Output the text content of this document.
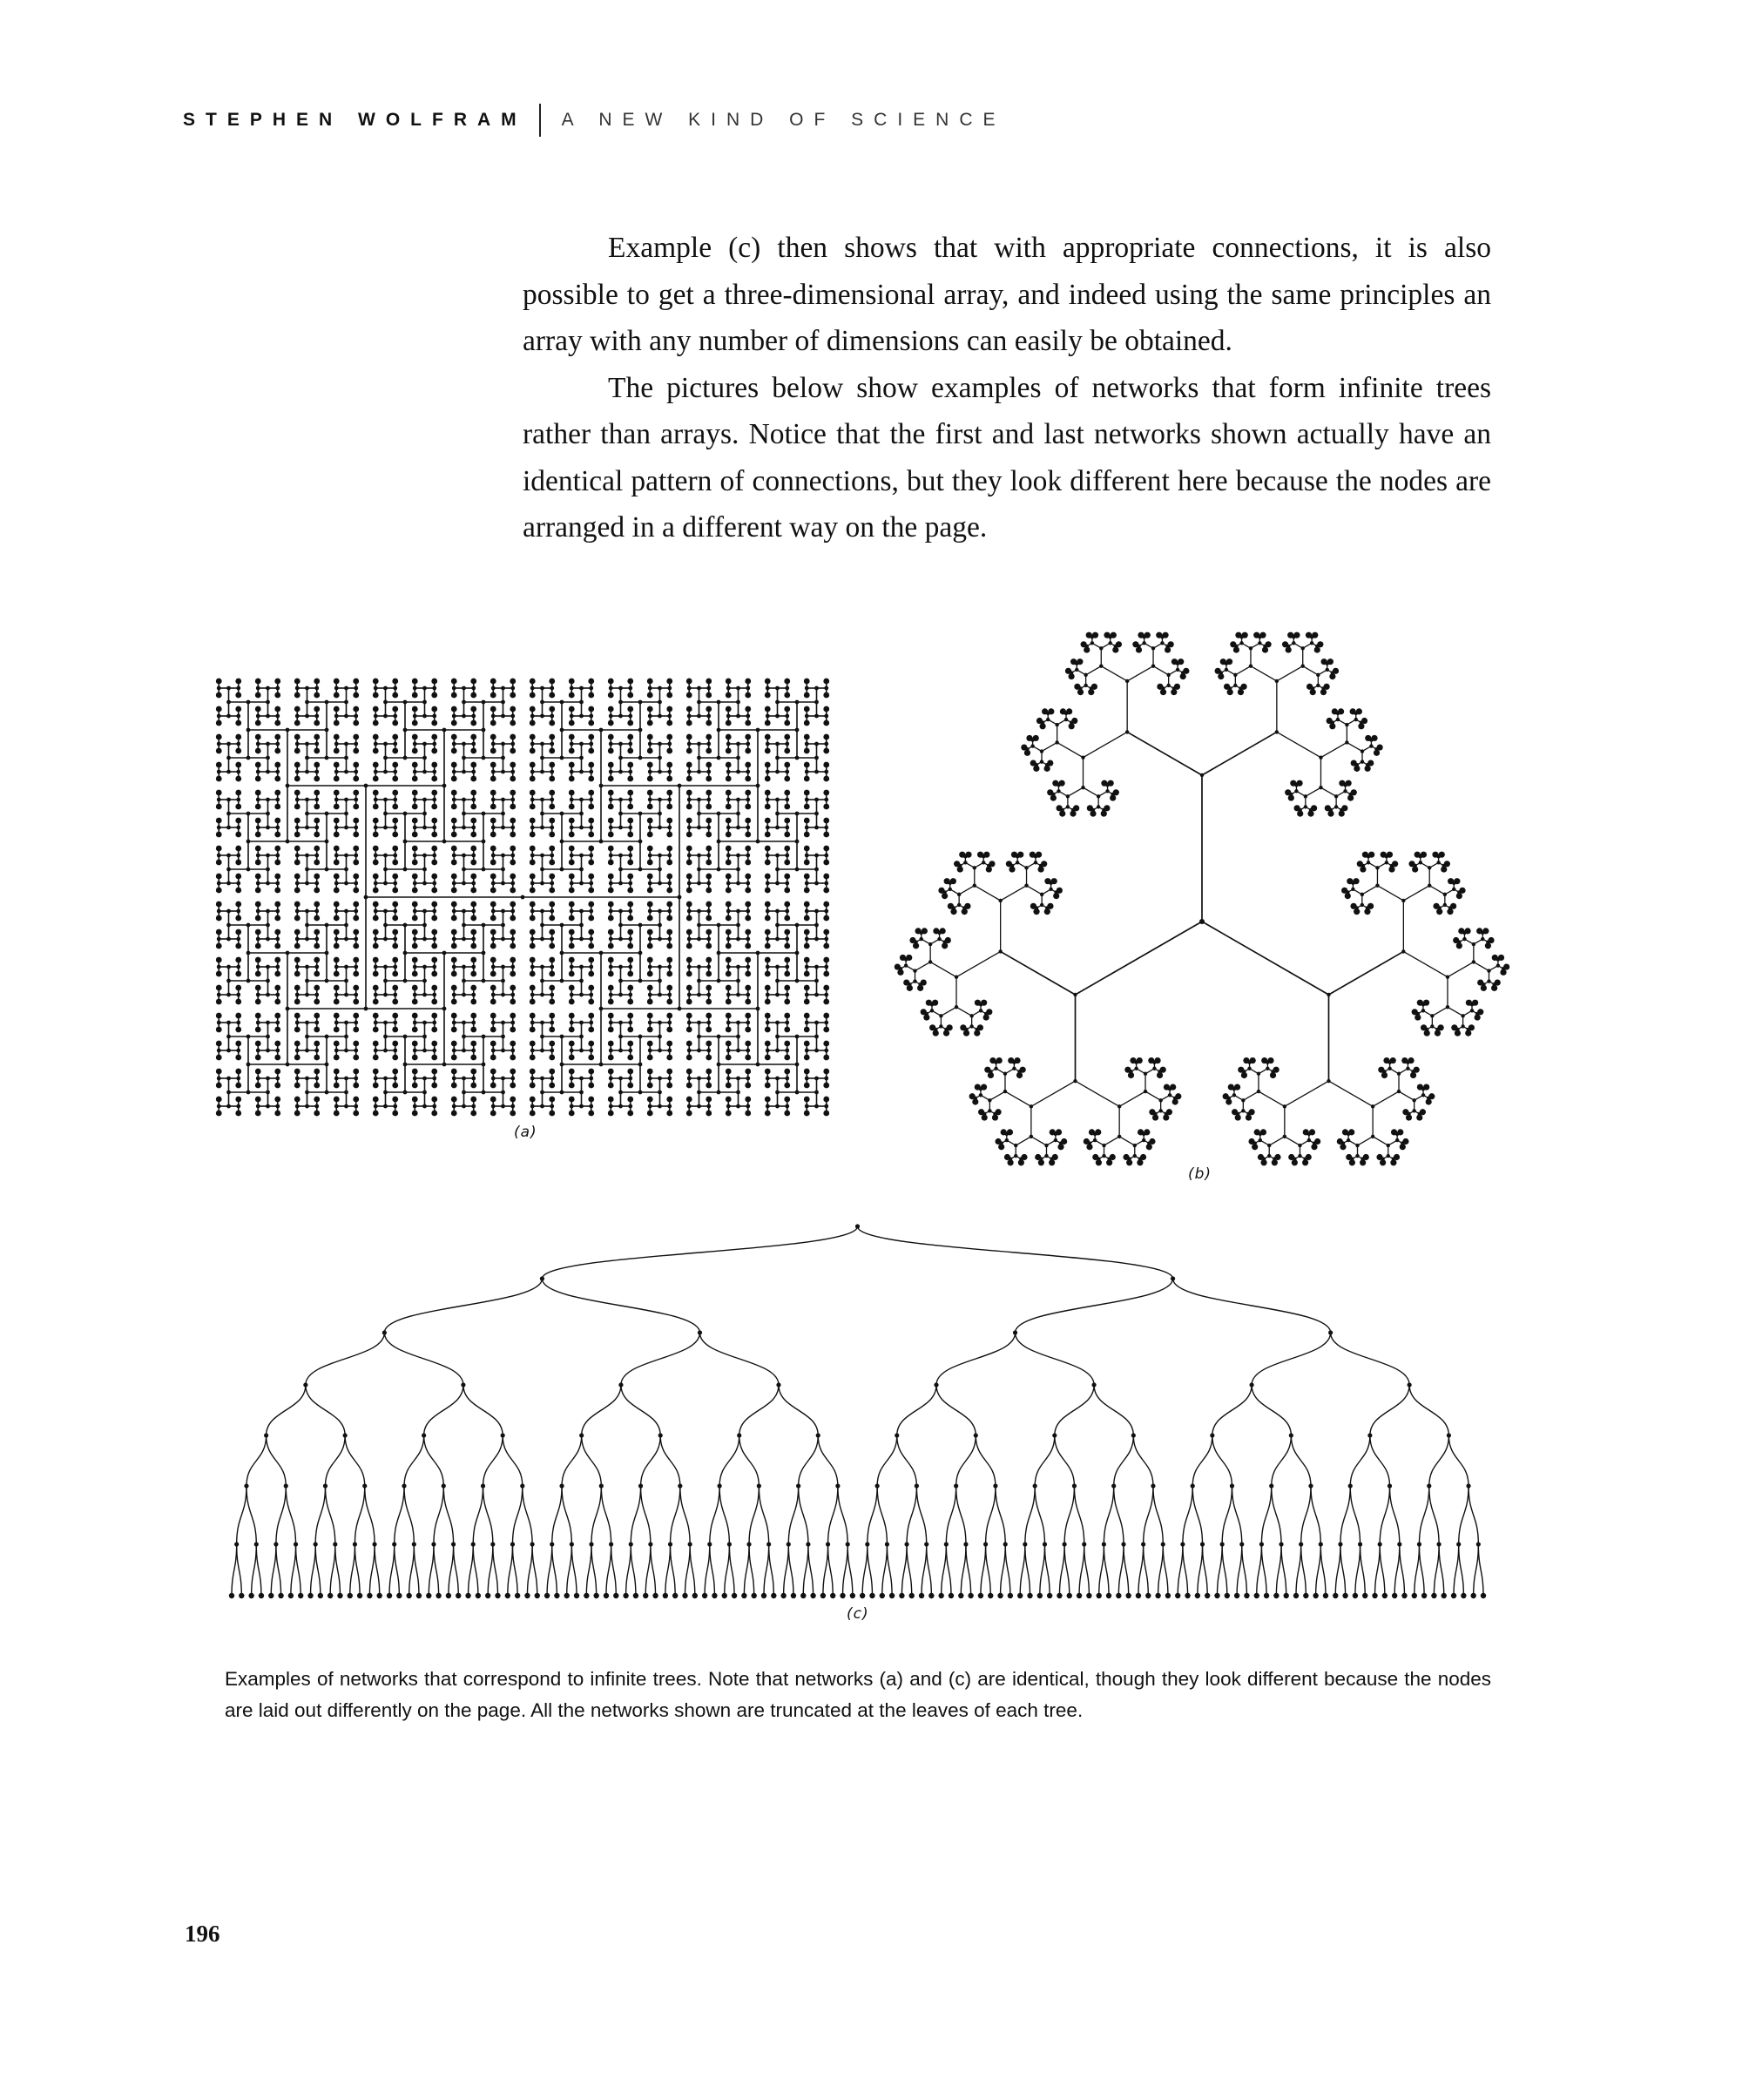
STEPHEN WOLFRAM A NEW KIND OF SCIENCE

Example (c) then shows that with appropriate connections, it is also possible to get a three-dimensional array, and indeed using the same principles an array with any number of dimensions can easily be obtained.

The pictures below show examples of networks that form infinite trees rather than arrays. Notice that the first and last networks shown actually have an identical pattern of connections, but they look different here because the nodes are arranged in a different way on the page.

(a)
(b)
(c)

Examples of networks that correspond to infinite trees. Note that networks (a) and (c) are identical, though they look different because the nodes are laid out differently on the page. All the networks shown are truncated at the leaves of each tree.

196
